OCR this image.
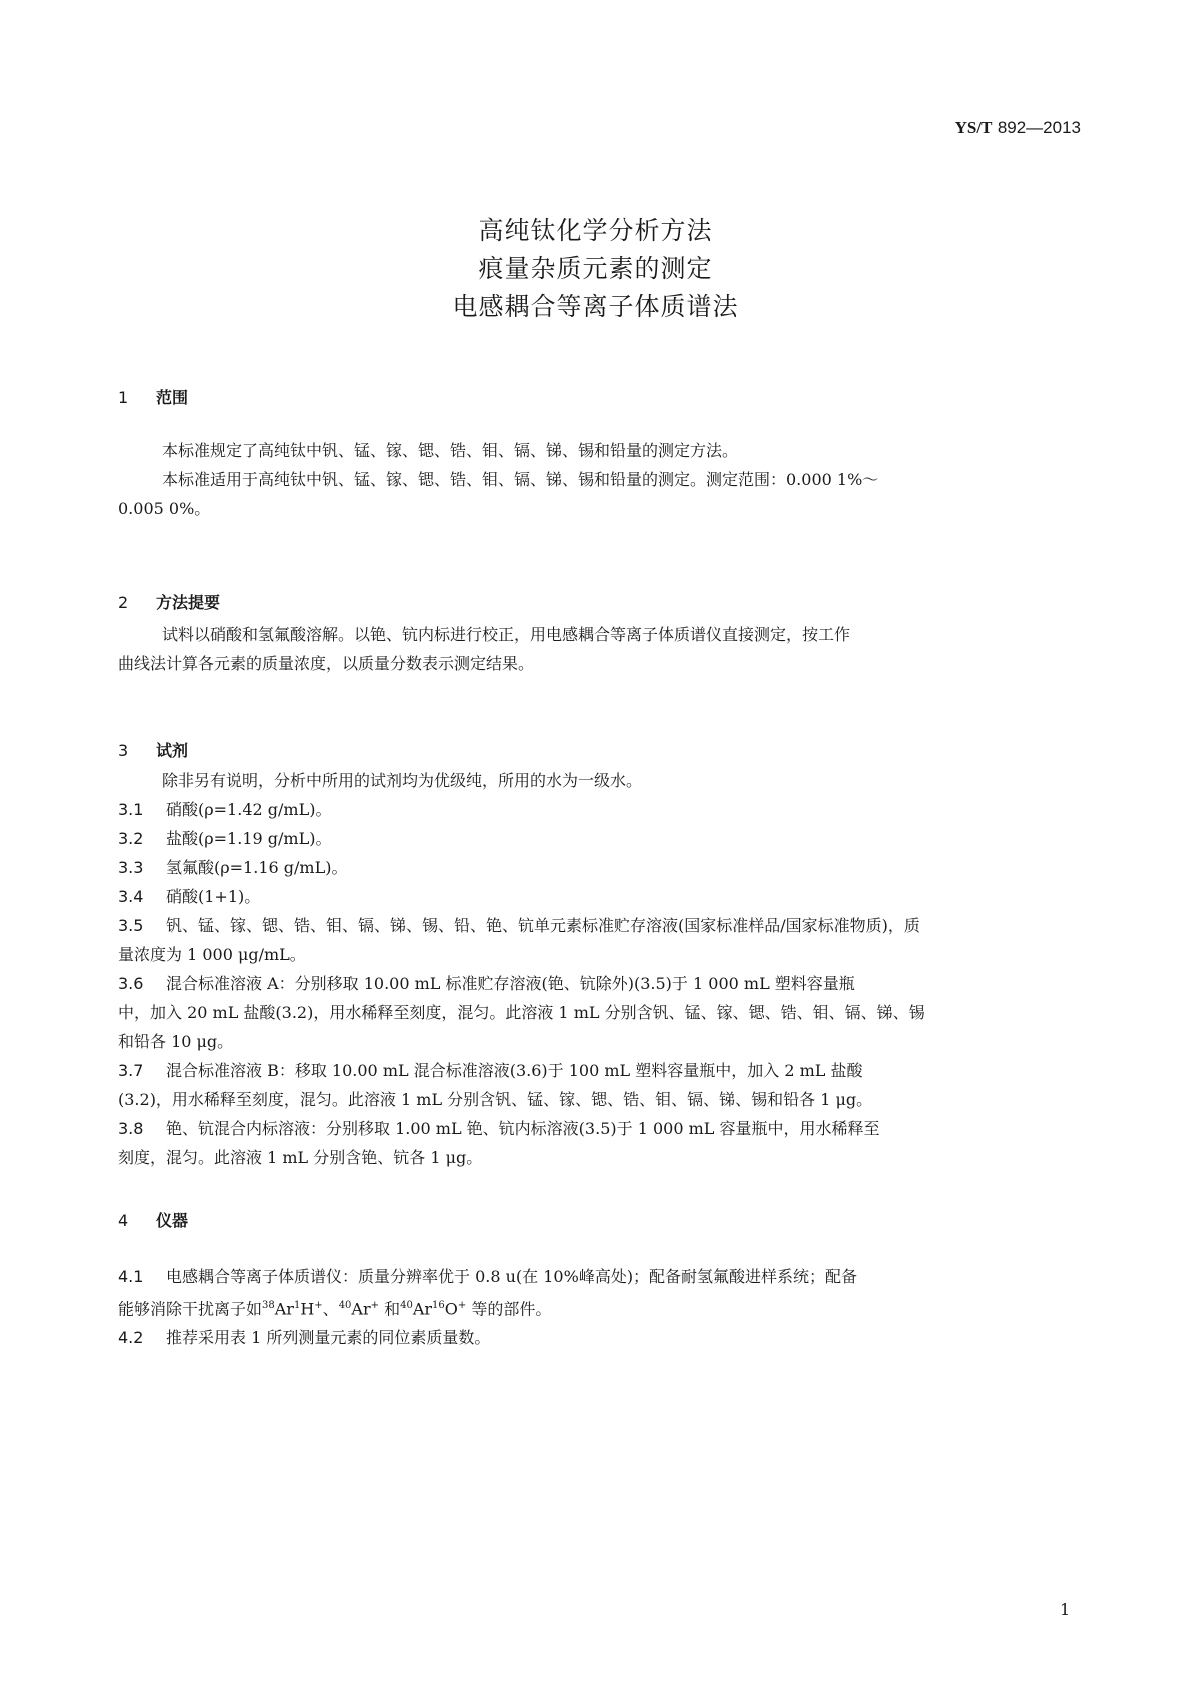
YS/T 892—2013
高纯钛化学分析方法
痕量杂质元素的测定
电感耦合等离子体质谱法
1 范围
本标准规定了高纯钛中钒、锰、镓、锶、锆、钼、镉、锑、锡和铅量的测定方法。
本标准适用于高纯钛中钒、锰、镓、锶、锆、钼、镉、锑、锡和铅量的测定。测定范围：0.000 1%～
0.005 0%。
2 方法提要
试料以硝酸和氢氟酸溶解。以铯、钪内标进行校正，用电感耦合等离子体质谱仪直接测定，按工作
曲线法计算各元素的质量浓度，以质量分数表示测定结果。
3 试剂
除非另有说明，分析中所用的试剂均为优级纯，所用的水为一级水。
3.1 硝酸(ρ=1.42 g/mL)。
3.2 盐酸(ρ=1.19 g/mL)。
3.3 氢氟酸(ρ=1.16 g/mL)。
3.4 硝酸(1+1)。
3.5 钒、锰、镓、锶、锆、钼、镉、锑、锡、铅、铯、钪单元素标准贮存溶液(国家标准样品/国家标准物质)，质
量浓度为 1 000 μg/mL。
3.6 混合标准溶液 A：分别移取 10.00 mL 标准贮存溶液(铯、钪除外)(3.5)于 1 000 mL 塑料容量瓶
中，加入 20 mL 盐酸(3.2)，用水稀释至刻度，混匀。此溶液 1 mL 分别含钒、锰、镓、锶、锆、钼、镉、锑、锡
和铅各 10 μg。
3.7 混合标准溶液 B：移取 10.00 mL 混合标准溶液(3.6)于 100 mL 塑料容量瓶中，加入 2 mL 盐酸
(3.2)，用水稀释至刻度，混匀。此溶液 1 mL 分别含钒、锰、镓、锶、锆、钼、镉、锑、锡和铅各 1 μg。
3.8 铯、钪混合内标溶液：分别移取 1.00 mL 铯、钪内标溶液(3.5)于 1 000 mL 容量瓶中，用水稀释至
刻度，混匀。此溶液 1 mL 分别含铯、钪各 1 μg。
4 仪器
4.1 电感耦合等离子体质谱仪：质量分辨率优于 0.8 u(在 10%峰高处)；配备耐氢氟酸进样系统；配备
能够消除干扰离子如$^{38}$Ar$^1$H+、$^{40}$Ar+ 和$^{40}$Ar$^{16}$O+ 等的部件。
4.2 推荐采用表 1 所列测量元素的同位素质量数。
1
